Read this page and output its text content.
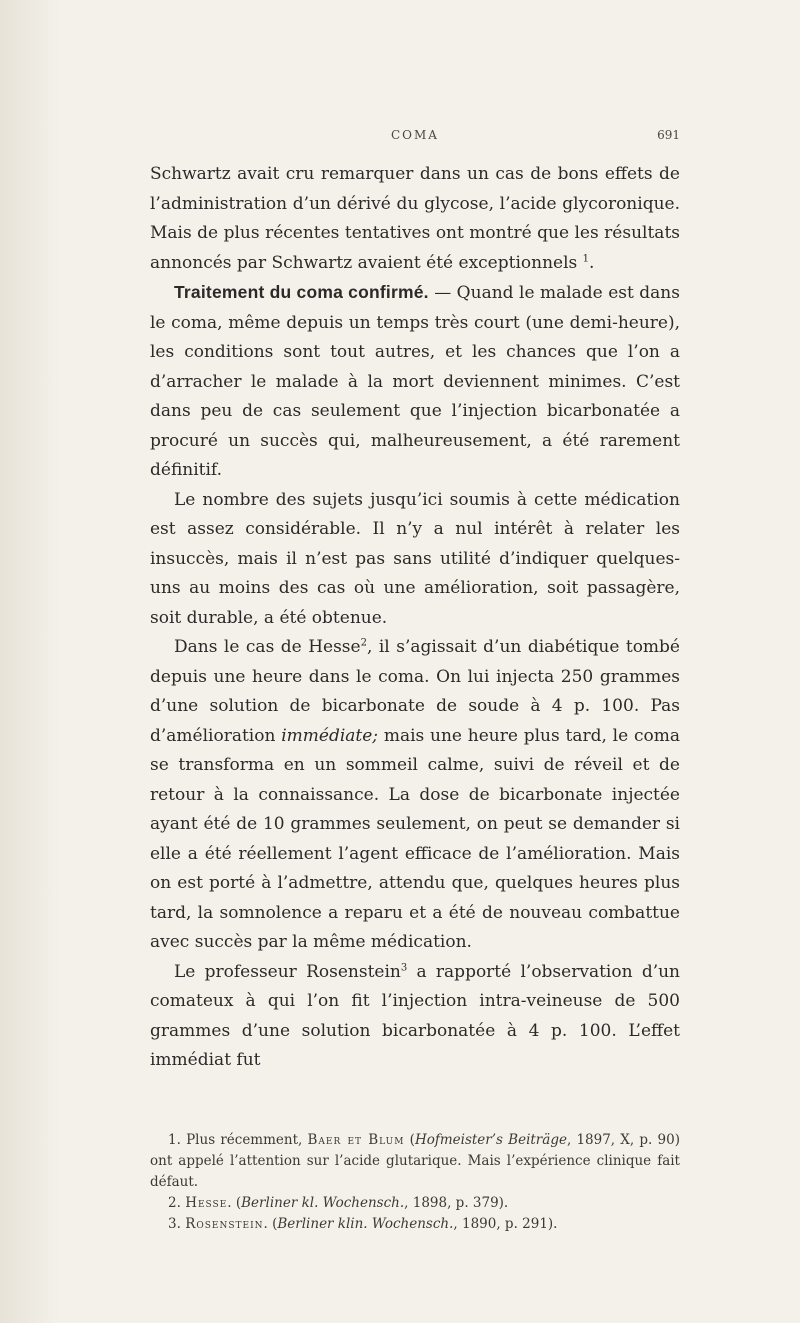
COMA	691

Schwartz avait cru remarquer dans un cas de bons effets de l’administration d’un dérivé du glycose, l’acide glycoronique. Mais de plus récentes tentatives ont montré que les résultats annoncés par Schwartz avaient été exceptionnels $^1$.

Traitement du coma confirmé. — Quand le malade est dans le coma, même depuis un temps très court (une demi-heure), les conditions sont tout autres, et les chances que l’on a d’arracher le malade à la mort deviennent minimes. C’est dans peu de cas seulement que l’injection bicarbonatée a procuré un succès qui, malheureusement, a été rarement définitif.

Le nombre des sujets jusqu’ici soumis à cette médication est assez considérable. Il n’y a nul intérêt à relater les insuccès, mais il n’est pas sans utilité d’indiquer quelques-uns au moins des cas où une amélioration, soit passagère, soit durable, a été obtenue.

Dans le cas de Hesse$^2$, il s’agissait d’un diabétique tombé depuis une heure dans le coma. On lui injecta 250 grammes d’une solution de bicarbonate de soude à 4 p. 100. Pas d’amélioration immédiate; mais une heure plus tard, le coma se transforma en un sommeil calme, suivi de réveil et de retour à la connaissance. La dose de bicarbonate injectée ayant été de 10 grammes seulement, on peut se demander si elle a été réellement l’agent efficace de l’amélioration. Mais on est porté à l’admettre, attendu que, quelques heures plus tard, la somnolence a reparu et a été de nouveau combattue avec succès par la même médication.

Le professeur Rosenstein$^3$ a rapporté l’observation d’un comateux à qui l’on fit l’injection intra-veineuse de 500 grammes d’une solution bicarbonatée à 4 p. 100. L’effet immédiat fut

1. Plus récemment, Baer et Blum (Hofmeister’s Beiträge, 1897, X, p. 90) ont appelé l’attention sur l’acide glutarique. Mais l’expérience clinique fait défaut.

2. Hesse. (Berliner kl. Wochensch., 1898, p. 379).

3. Rosenstein. (Berliner klin. Wochensch., 1890, p. 291).
